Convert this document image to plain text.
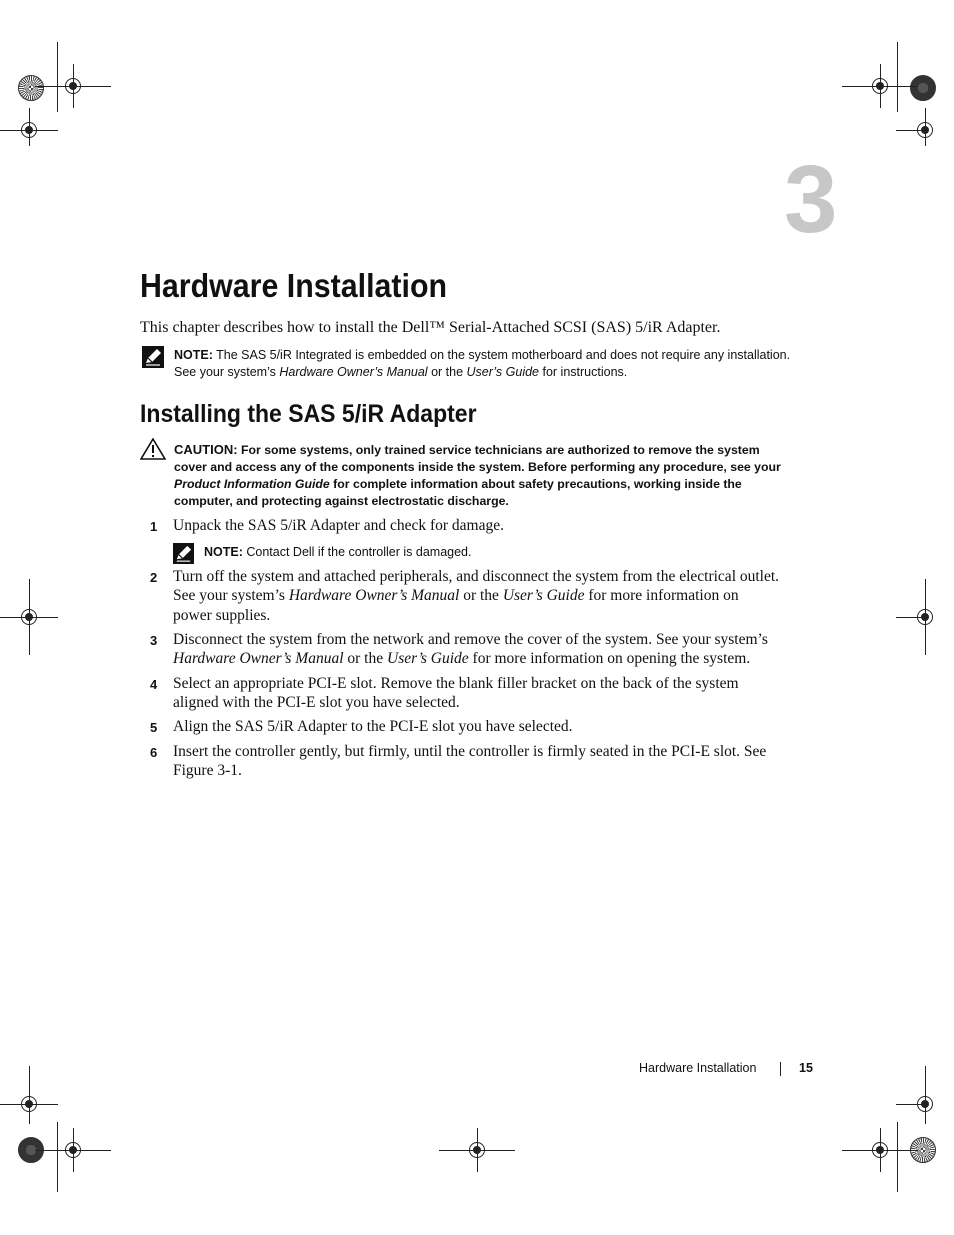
3
Hardware Installation
This chapter describes how to install the Dell™ Serial-Attached SCSI (SAS) 5/iR Adapter.
NOTE: The SAS 5/iR Integrated is embedded on the system motherboard and does not require any installation.
See your system’s Hardware Owner’s Manual or the User’s Guide for instructions.
Installing the SAS 5/iR Adapter
CAUTION: For some systems, only trained service technicians are authorized to remove the system cover and access any of the components inside the system. Before performing any procedure, see your Product Information Guide for complete information about safety precautions, working inside the computer, and protecting against electrostatic discharge.
1 Unpack the SAS 5/iR Adapter and check for damage.
NOTE: Contact Dell if the controller is damaged.
2 Turn off the system and attached peripherals, and disconnect the system from the electrical outlet. See your system’s Hardware Owner’s Manual or the User’s Guide for more information on power supplies.
3 Disconnect the system from the network and remove the cover of the system. See your system’s Hardware Owner’s Manual or the User’s Guide for more information on opening the system.
4 Select an appropriate PCI-E slot. Remove the blank filler bracket on the back of the system aligned with the PCI-E slot you have selected.
5 Align the SAS 5/iR Adapter to the PCI-E slot you have selected.
6 Insert the controller gently, but firmly, until the controller is firmly seated in the PCI-E slot. See Figure 3-1.
Hardware Installation	15
